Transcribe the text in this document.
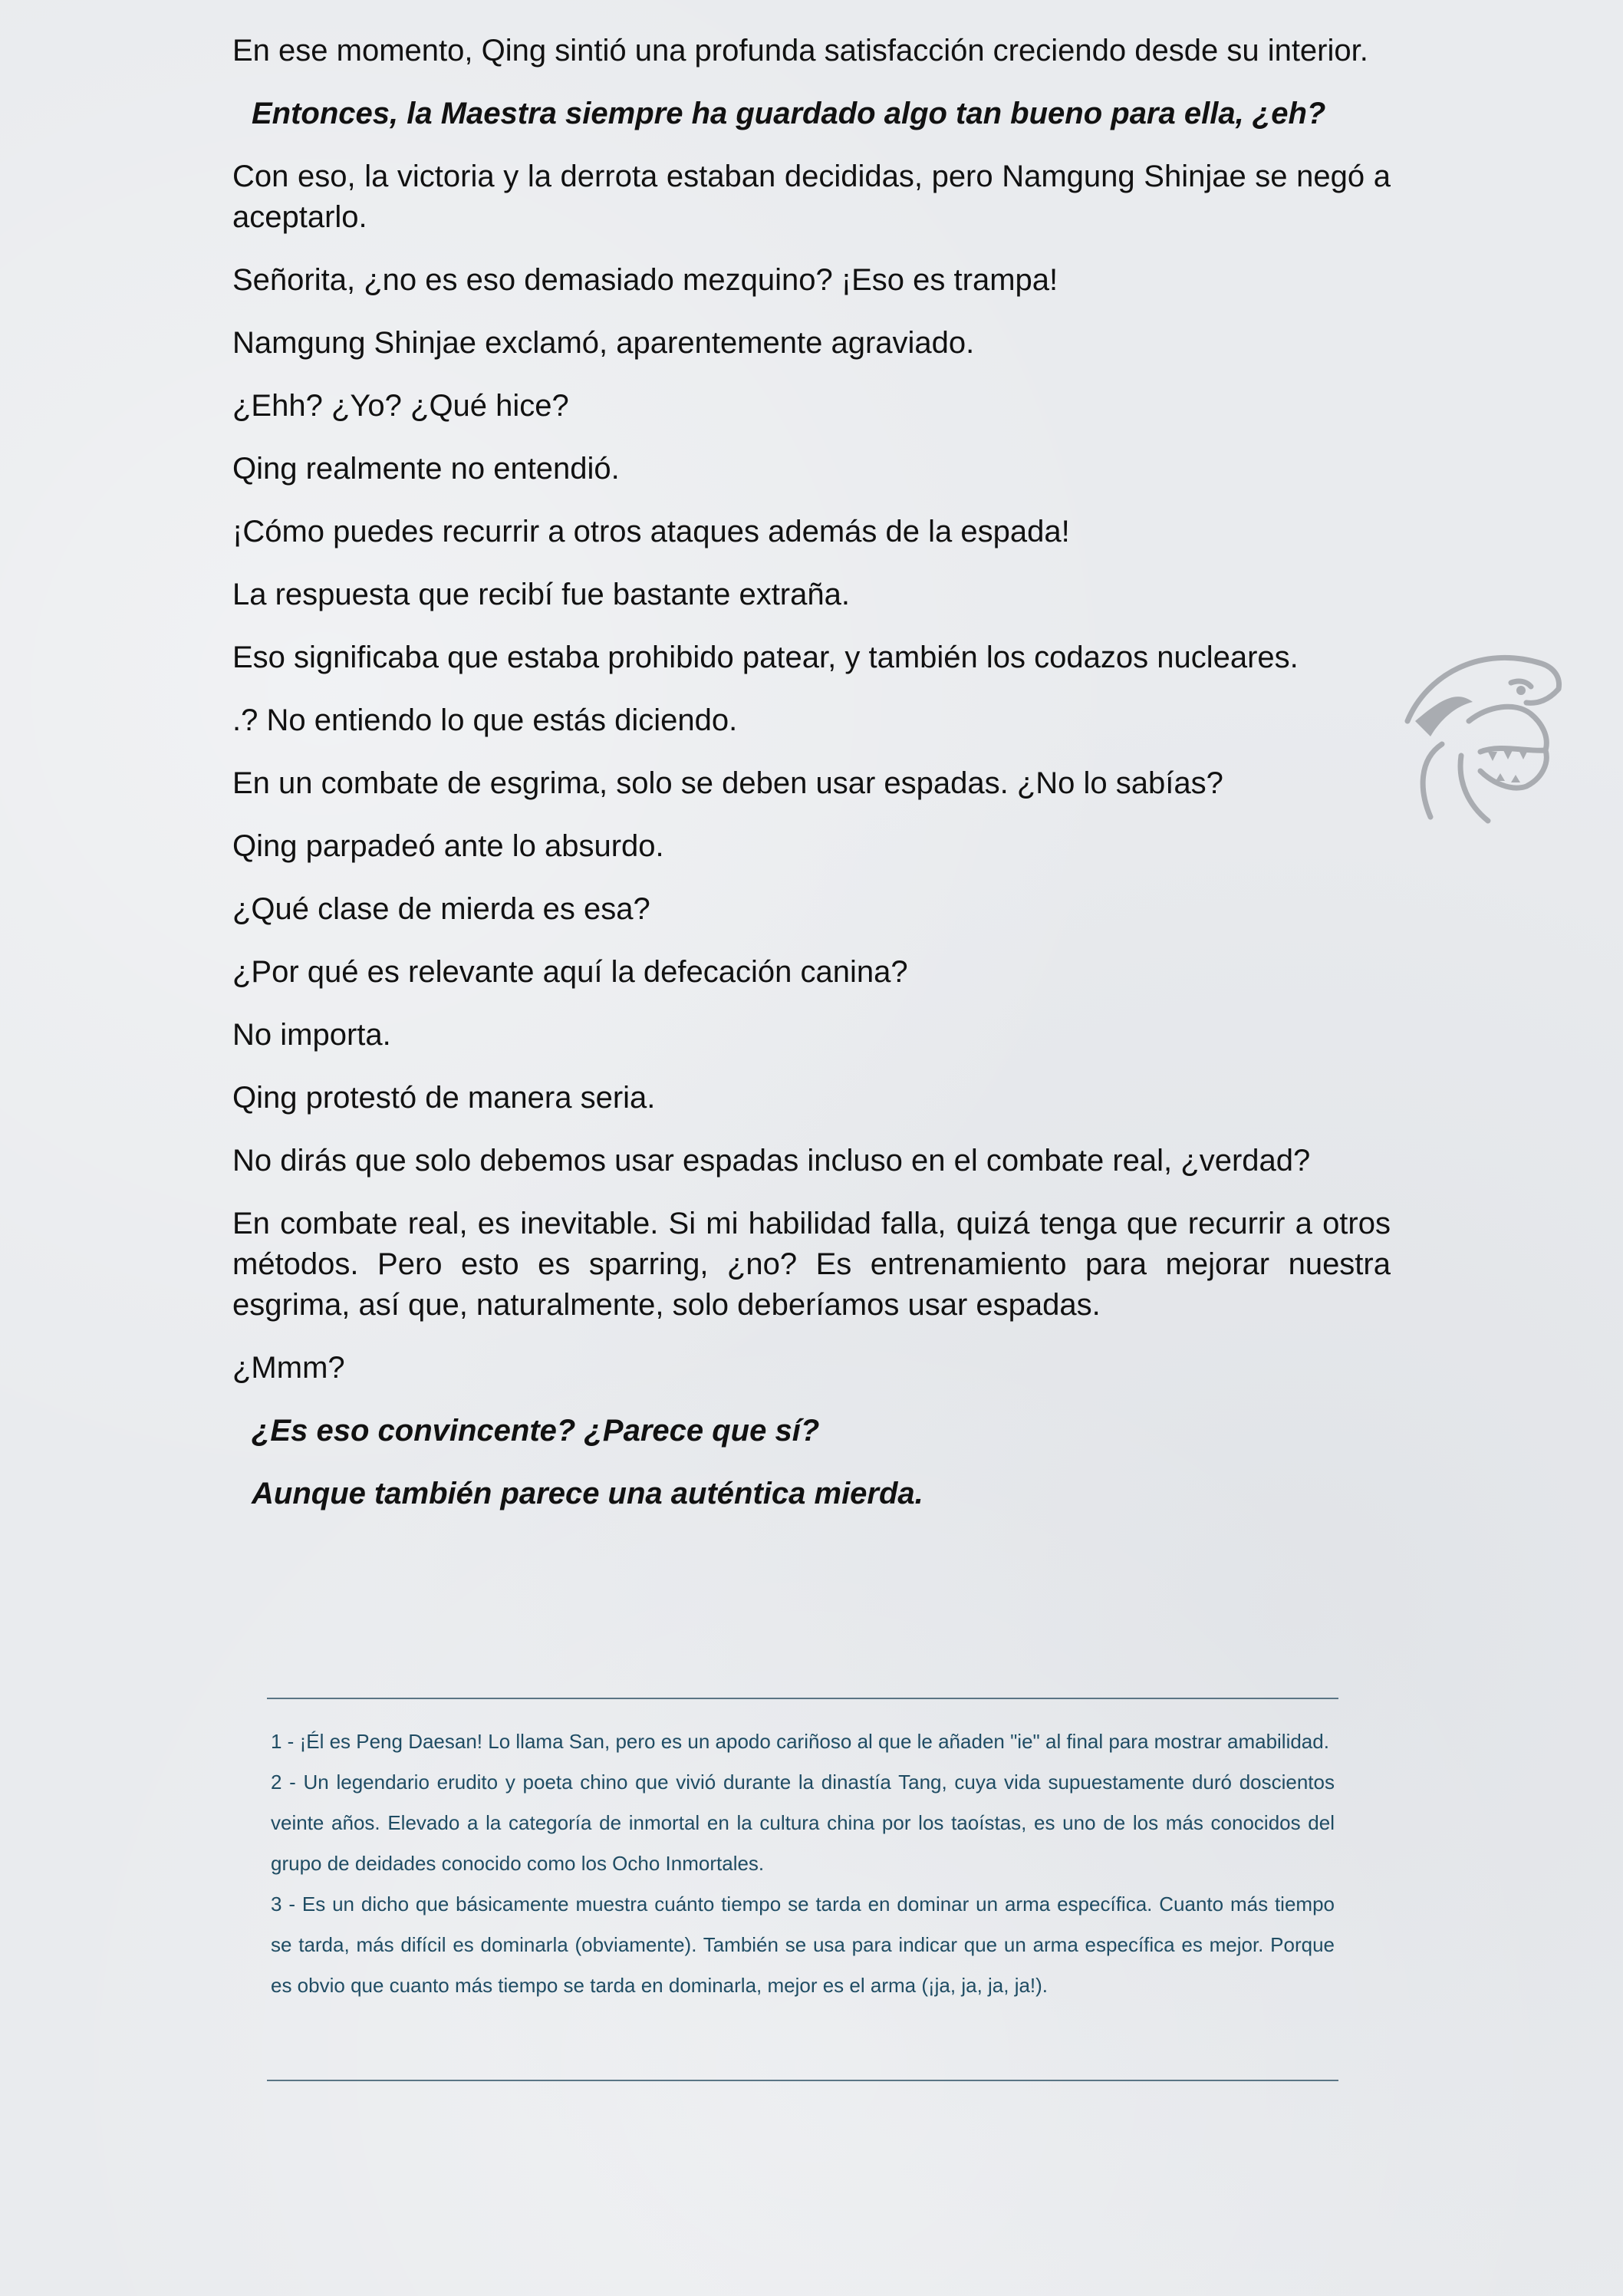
En ese momento, Qing sintió una profunda satisfacción creciendo desde su interior.

Entonces, la Maestra siempre ha guardado algo tan bueno para ella, ¿eh?

Con eso, la victoria y la derrota estaban decididas, pero Namgung Shinjae se negó a aceptarlo.

Señorita, ¿no es eso demasiado mezquino? ¡Eso es trampa!

Namgung Shinjae exclamó, aparentemente agraviado.

¿Ehh? ¿Yo? ¿Qué hice?

Qing realmente no entendió.

¡Cómo puedes recurrir a otros ataques además de la espada!

La respuesta que recibí fue bastante extraña.

Eso significaba que estaba prohibido patear, y también los codazos nucleares.

.? No entiendo lo que estás diciendo.

En un combate de esgrima, solo se deben usar espadas. ¿No lo sabías?

Qing parpadeó ante lo absurdo.

¿Qué clase de mierda es esa?

¿Por qué es relevante aquí la defecación canina?

No importa.

Qing protestó de manera seria.

No dirás que solo debemos usar espadas incluso en el combate real, ¿verdad?

En combate real, es inevitable. Si mi habilidad falla, quizá tenga que recurrir a otros métodos. Pero esto es sparring, ¿no? Es entrenamiento para mejorar nuestra esgrima, así que, naturalmente, solo deberíamos usar espadas.

¿Mmm?

¿Es eso convincente? ¿Parece que sí?

Aunque también parece una auténtica mierda.

1 - ¡Él es Peng Daesan! Lo llama San, pero es un apodo cariñoso al que le añaden "ie" al final para mostrar amabilidad.

2 - Un legendario erudito y poeta chino que vivió durante la dinastía Tang, cuya vida supuestamente duró doscientos veinte años. Elevado a la categoría de inmortal en la cultura china por los taoístas, es uno de los más conocidos del grupo de deidades conocido como los Ocho Inmortales.

3 - Es un dicho que básicamente muestra cuánto tiempo se tarda en dominar un arma específica. Cuanto más tiempo se tarda, más difícil es dominarla (obviamente). También se usa para indicar que un arma específica es mejor. Porque es obvio que cuanto más tiempo se tarda en dominarla, mejor es el arma (¡ja, ja, ja, ja!).
